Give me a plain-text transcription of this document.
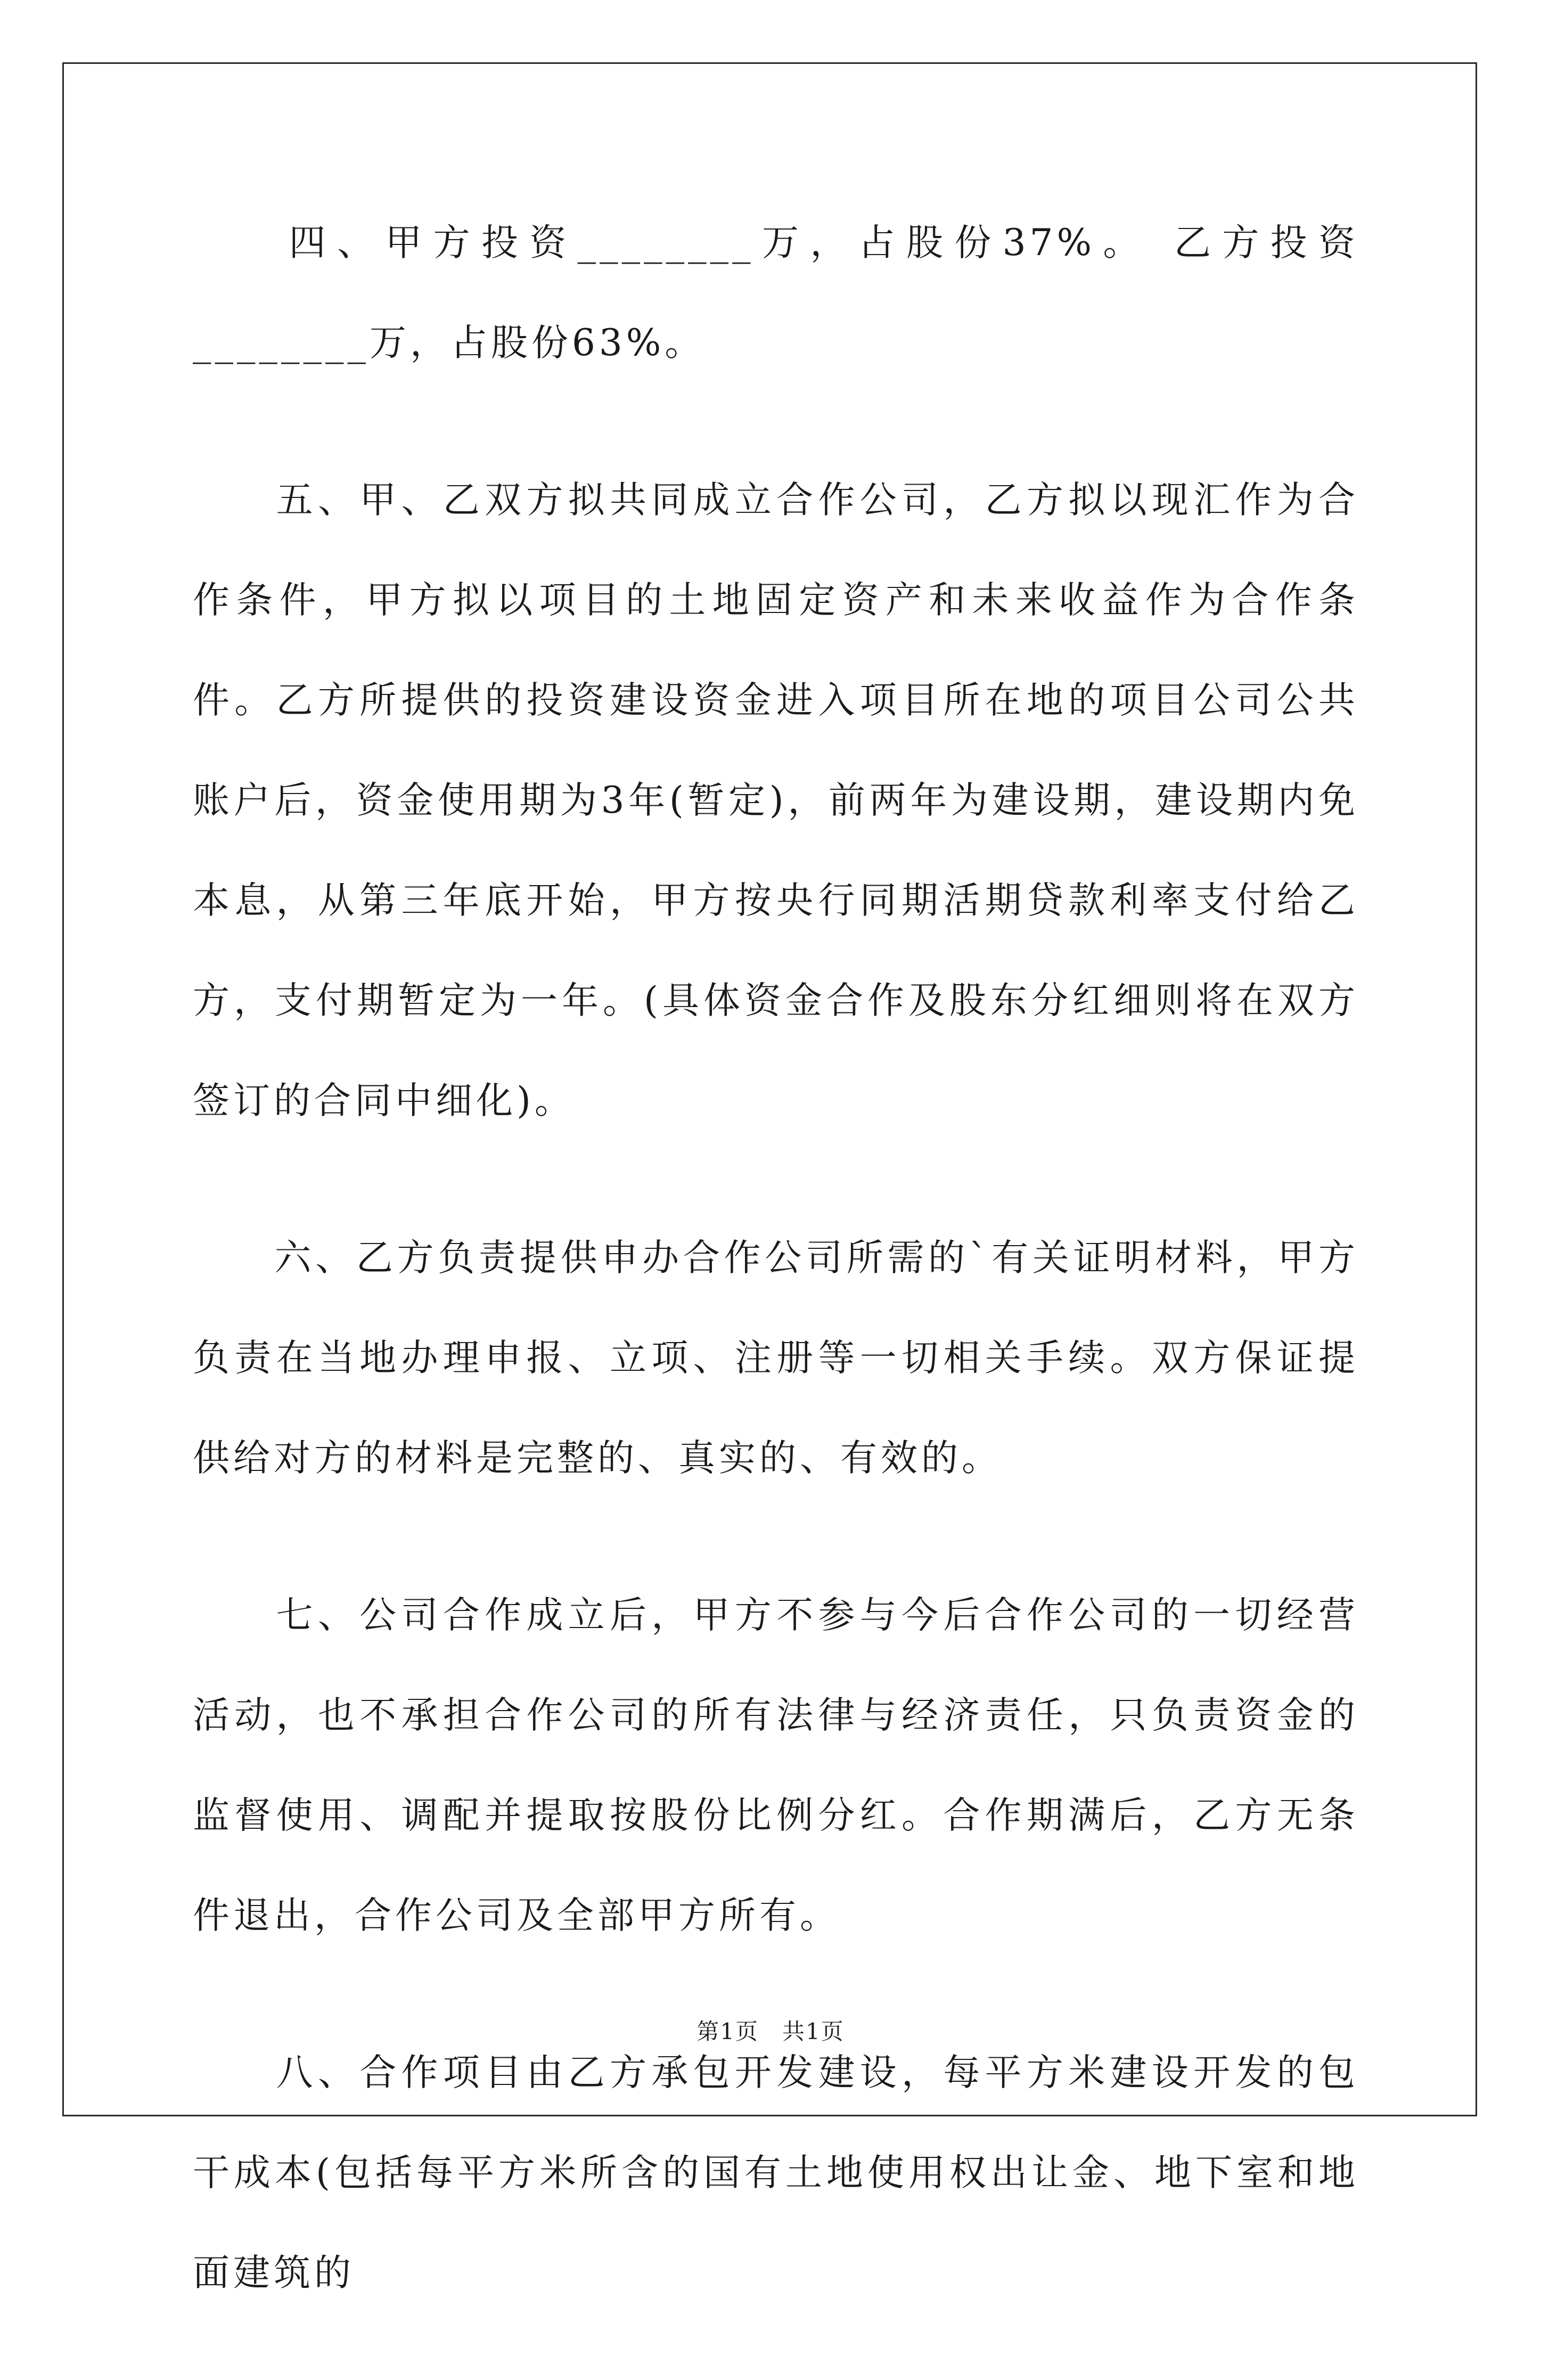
　　四、甲方投资________万，占股份37%。 乙方投资________万，占股份63%。

　　五、甲、乙双方拟共同成立合作公司，乙方拟以现汇作为合作条件，甲方拟以项目的土地固定资产和未来收益作为合作条件。乙方所提供的投资建设资金进入项目所在地的项目公司公共账户后，资金使用期为3年(暂定)，前两年为建设期，建设期内免本息，从第三年底开始，甲方按央行同期活期贷款利率支付给乙方，支付期暂定为一年。(具体资金合作及股东分红细则将在双方签订的合同中细化)。

　　六、乙方负责提供申办合作公司所需的`有关证明材料，甲方负责在当地办理申报、立项、注册等一切相关手续。双方保证提供给对方的材料是完整的、真实的、有效的。

　　七、公司合作成立后，甲方不参与今后合作公司的一切经营活动，也不承担合作公司的所有法律与经济责任，只负责资金的监督使用、调配并提取按股份比例分红。合作期满后，乙方无条件退出，合作公司及全部甲方所有。

　　八、合作项目由乙方承包开发建设，每平方米建设开发的包干成本(包括每平方米所含的国有土地使用权出让金、地下室和地面建筑的

第1页　共1页
